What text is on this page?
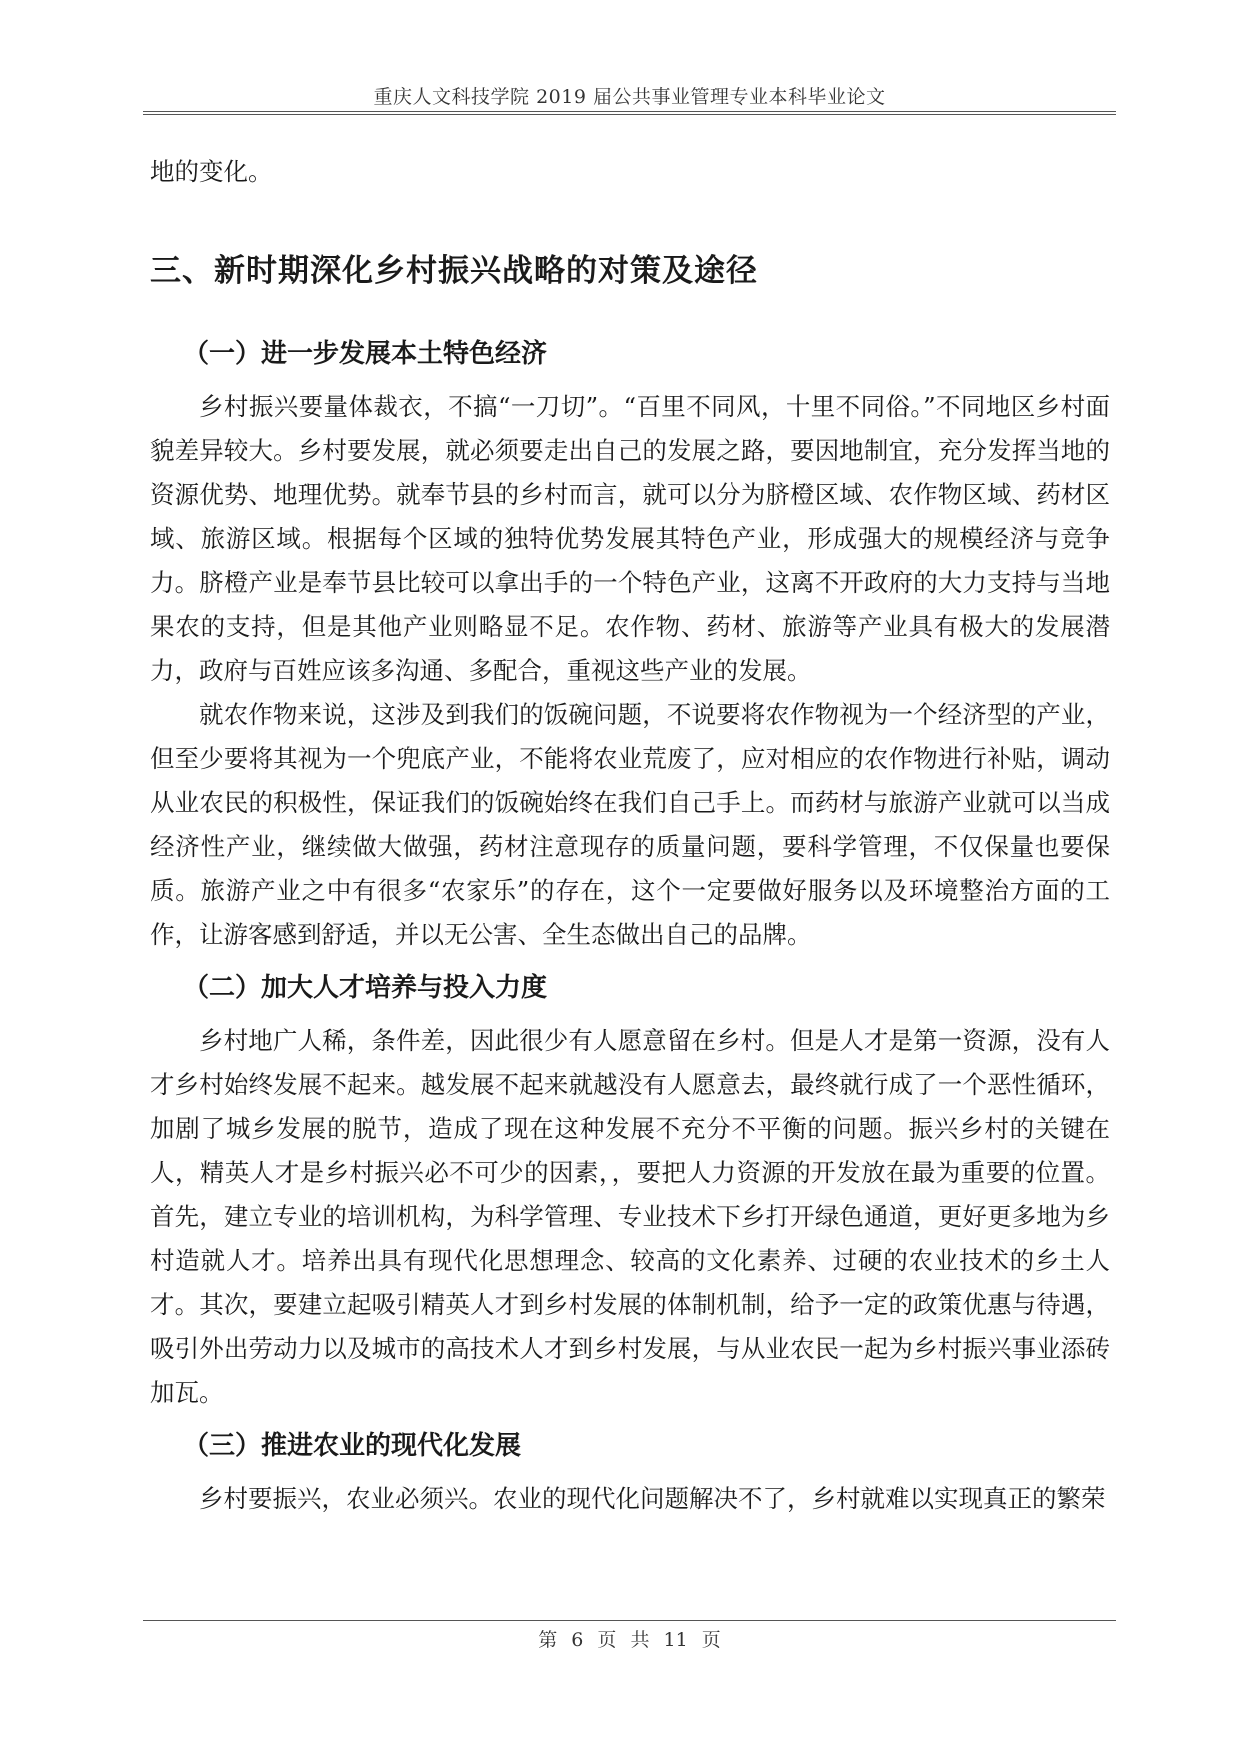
重庆人文科技学院 2019 届公共事业管理专业本科毕业论文

地的变化。

三、新时期深化乡村振兴战略的对策及途径
（一）进一步发展本土特色经济

乡村振兴要量体裁衣，不搞“一刀切”。“百里不同风，十里不同俗。”不同地区乡村面貌差异较大。乡村要发展，就必须要走出自己的发展之路，要因地制宜，充分发挥当地的资源优势、地理优势。就奉节县的乡村而言，就可以分为脐橙区域、农作物区域、药材区域、旅游区域。根据每个区域的独特优势发展其特色产业，形成强大的规模经济与竞争力。脐橙产业是奉节县比较可以拿出手的一个特色产业，这离不开政府的大力支持与当地果农的支持，但是其他产业则略显不足。农作物、药材、旅游等产业具有极大的发展潜力，政府与百姓应该多沟通、多配合，重视这些产业的发展。

就农作物来说，这涉及到我们的饭碗问题，不说要将农作物视为一个经济型的产业，但至少要将其视为一个兜底产业，不能将农业荒废了，应对相应的农作物进行补贴，调动从业农民的积极性，保证我们的饭碗始终在我们自己手上。而药材与旅游产业就可以当成经济性产业，继续做大做强，药材注意现存的质量问题，要科学管理，不仅保量也要保质。旅游产业之中有很多“农家乐”的存在，这个一定要做好服务以及环境整治方面的工作，让游客感到舒适，并以无公害、全生态做出自己的品牌。

（二）加大人才培养与投入力度

乡村地广人稀，条件差，因此很少有人愿意留在乡村。但是人才是第一资源，没有人才乡村始终发展不起来。越发展不起来就越没有人愿意去，最终就行成了一个恶性循环，加剧了城乡发展的脱节，造成了现在这种发展不充分不平衡的问题。振兴乡村的关键在人，精英人才是乡村振兴必不可少的因素，，要把人力资源的开发放在最为重要的位置。首先，建立专业的培训机构，为科学管理、专业技术下乡打开绿色通道，更好更多地为乡村造就人才。培养出具有现代化思想理念、较高的文化素养、过硬的农业技术的乡土人才。其次，要建立起吸引精英人才到乡村发展的体制机制，给予一定的政策优惠与待遇，吸引外出劳动力以及城市的高技术人才到乡村发展，与从业农民一起为乡村振兴事业添砖加瓦。

（三）推进农业的现代化发展

乡村要振兴，农业必须兴。农业的现代化问题解决不了，乡村就难以实现真正的繁荣

第 6 页 共 11 页
